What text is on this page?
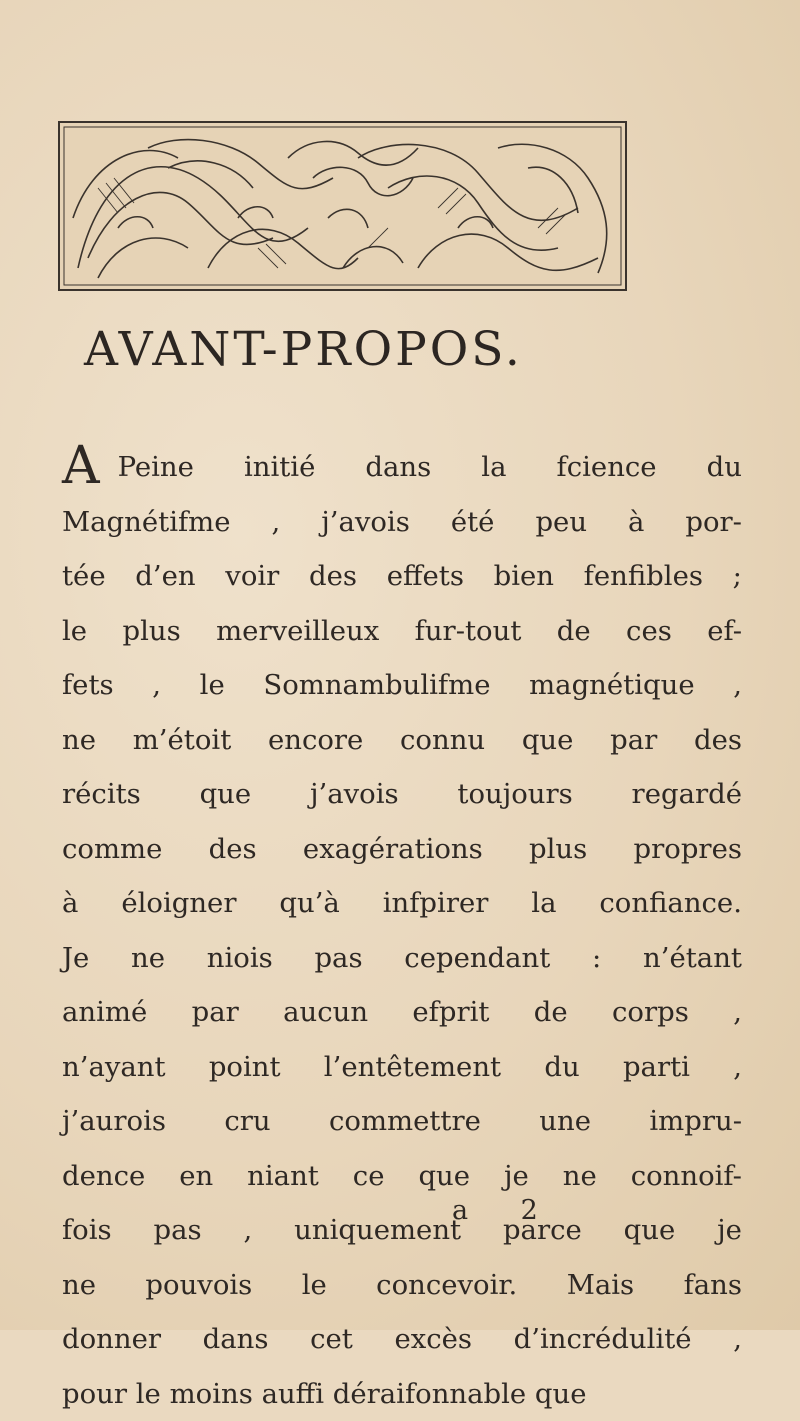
AVANT-PROPOS.
A Peine initié dans la fcience du
Magnétifme , j’avois été peu à por-
tée d’en voir des effets bien fenfibles ;
le plus merveilleux fur-tout de ces ef-
fets , le Somnambulifme magnétique ,
ne m’étoit encore connu que par des
récits que j’avois toujours regardé
comme des exagérations plus propres
à éloigner qu’à infpirer la confiance.
Je ne niois pas cependant : n’étant
animé par aucun efprit de corps ,
n’ayant point l’entêtement du parti ,
j’aurois cru commettre une impru-
dence en niant ce que je ne connoif-
fois pas , uniquement parce que je
ne pouvois le concevoir. Mais fans
donner dans cet excès d’incrédulité ,
pour le moins auffi déraifonnable que
a 2
